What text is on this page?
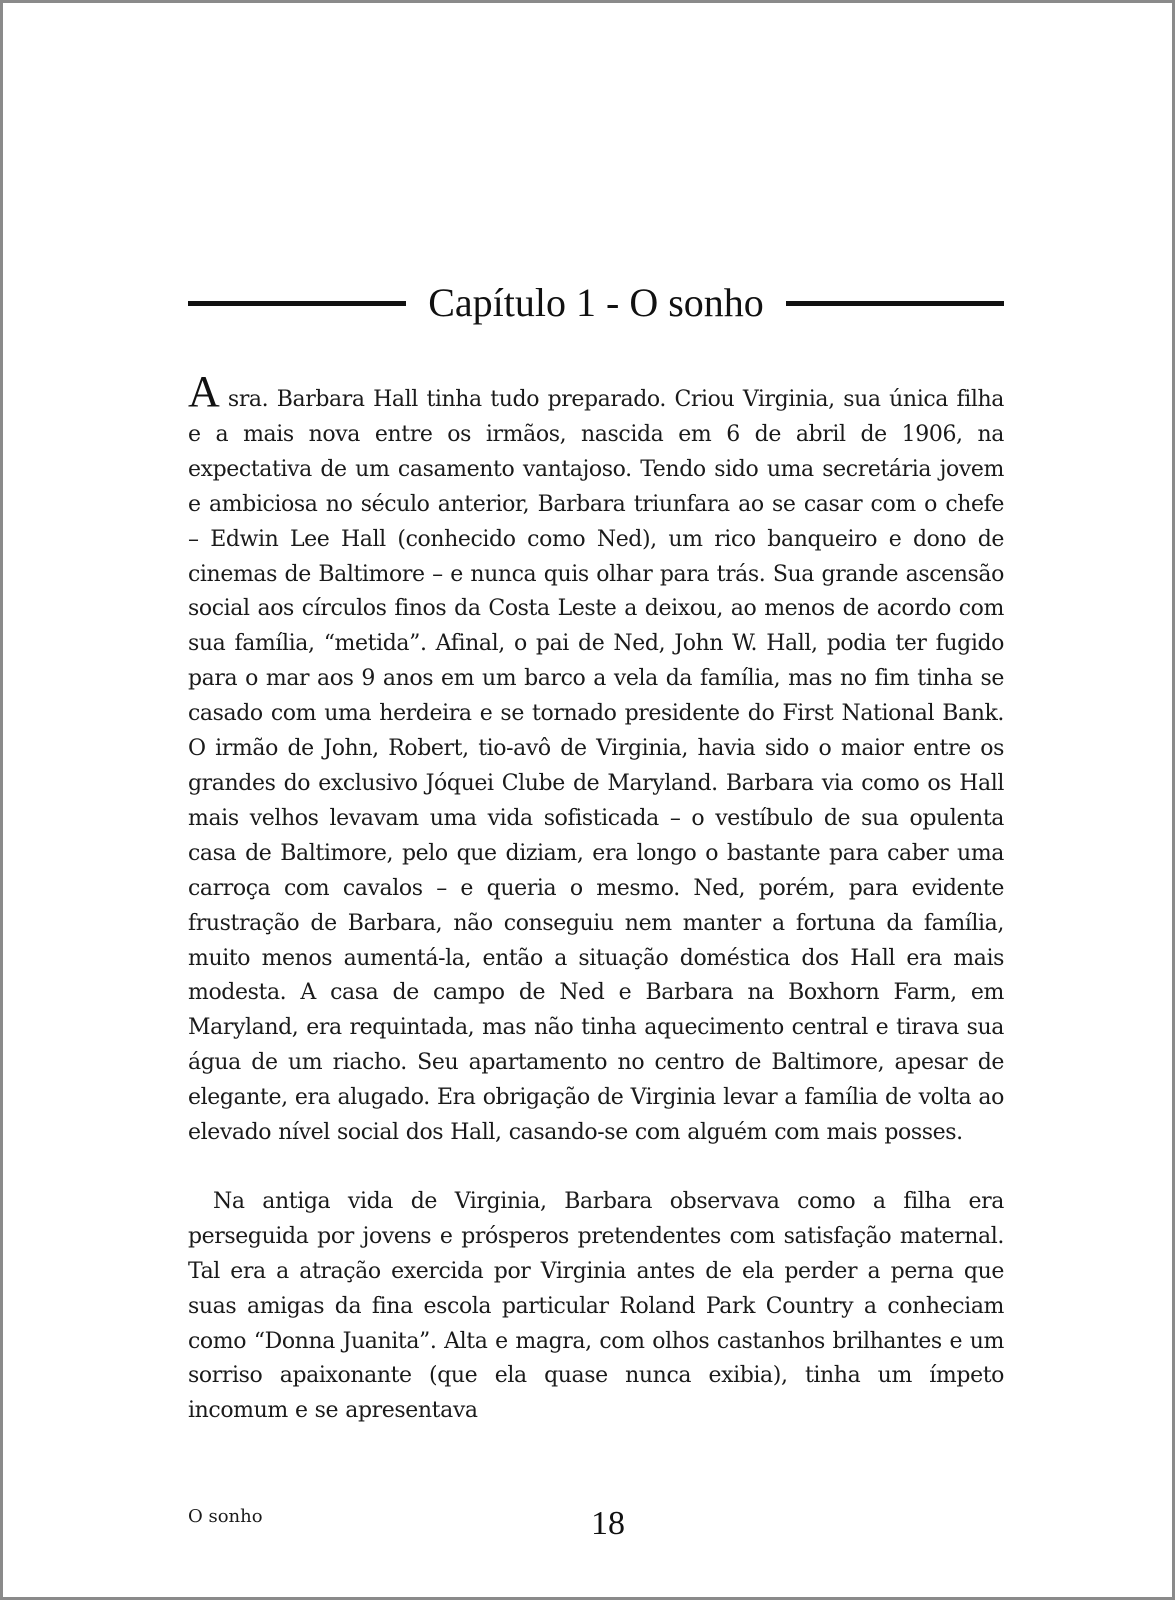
Capítulo 1 - O sonho

A sra. Barbara Hall tinha tudo preparado. Criou Virginia, sua única filha e a mais nova entre os irmãos, nascida em 6 de abril de 1906, na expectativa de um casamento vantajoso. Tendo sido uma secretária jovem e ambiciosa no século anterior, Barbara triunfara ao se casar com o chefe – Edwin Lee Hall (conhecido como Ned), um rico banqueiro e dono de cinemas de Baltimore – e nunca quis olhar para trás. Sua grande ascensão social aos círculos finos da Costa Leste a deixou, ao menos de acordo com sua família, “metida”. Afinal, o pai de Ned, John W. Hall, podia ter fugido para o mar aos 9 anos em um barco a vela da família, mas no fim tinha se casado com uma herdeira e se tornado presidente do First National Bank. O irmão de John, Robert, tio-avô de Virginia, havia sido o maior entre os grandes do exclusivo Jóquei Clube de Maryland. Barbara via como os Hall mais velhos levavam uma vida sofisticada – o vestíbulo de sua opulenta casa de Baltimore, pelo que diziam, era longo o bastante para caber uma carroça com cavalos – e queria o mesmo. Ned, porém, para evidente frustração de Barbara, não conseguiu nem manter a fortuna da família, muito menos aumentá-la, então a situação doméstica dos Hall era mais modesta. A casa de campo de Ned e Barbara na Boxhorn Farm, em Maryland, era requintada, mas não tinha aquecimento central e tirava sua água de um riacho. Seu apartamento no centro de Baltimore, apesar de elegante, era alugado. Era obrigação de Virginia levar a família de volta ao elevado nível social dos Hall, casando-se com alguém com mais posses.

Na antiga vida de Virginia, Barbara observava como a filha era perseguida por jovens e prósperos pretendentes com satisfação maternal. Tal era a atração exercida por Virginia antes de ela perder a perna que suas amigas da fina escola particular Roland Park Country a conheciam como “Donna Juanita”. Alta e magra, com olhos castanhos brilhantes e um sorriso apaixonante (que ela quase nunca exibia), tinha um ímpeto incomum e se apresentava

O sonho	18
